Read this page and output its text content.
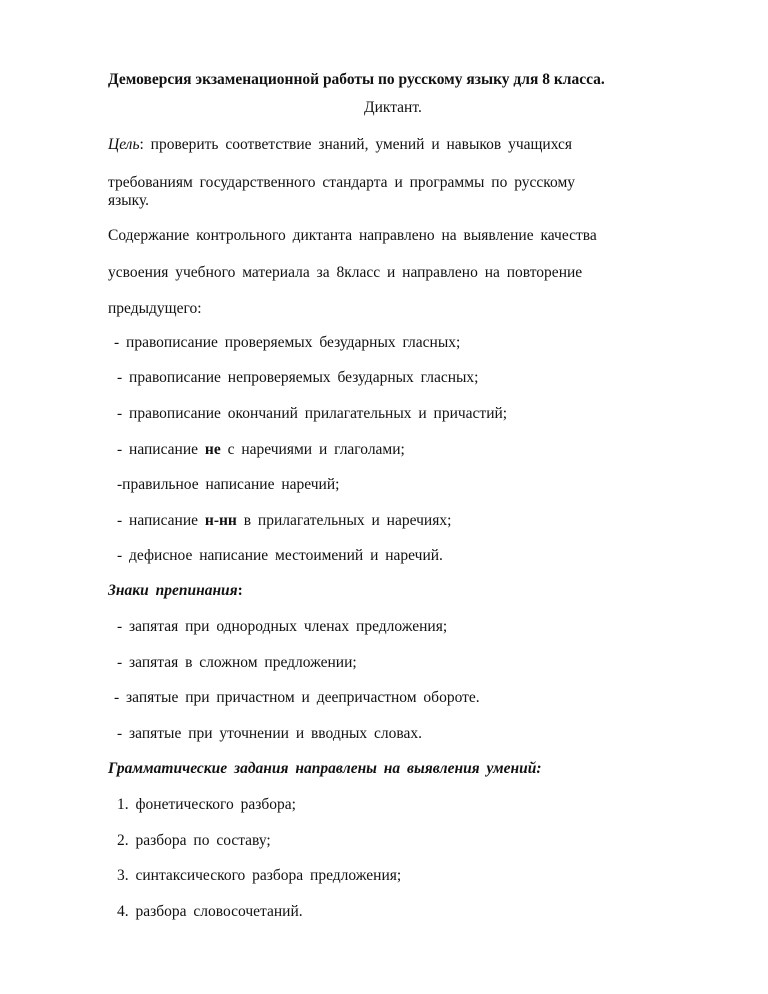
Демоверсия экзаменационной работы по русскому языку для 8 класса.
Диктант.
Цель: проверить соответствие знаний, умений и навыков учащихся
требованиям государственного стандарта и программы по русскому
языку.
Содержание контрольного диктанта направлено на выявление качества
усвоения учебного материала за 8класс и направлено на повторение
предыдущего:
- правописание проверяемых безударных гласных;
- правописание непроверяемых безударных гласных;
- правописание окончаний прилагательных и причастий;
- написание не с наречиями и глаголами;
-правильное написание наречий;
- написание н-нн в прилагательных и наречиях;
- дефисное написание местоимений и наречий.
Знаки препинания:
- запятая при однородных членах предложения;
- запятая в сложном предложении;
- запятые при причастном и деепричастном обороте.
- запятые при уточнении и вводных словах.
Грамматические задания направлены на выявления умений:
1. фонетического разбора;
2. разбора по составу;
3. синтаксического разбора предложения;
4. разбора словосочетаний.
